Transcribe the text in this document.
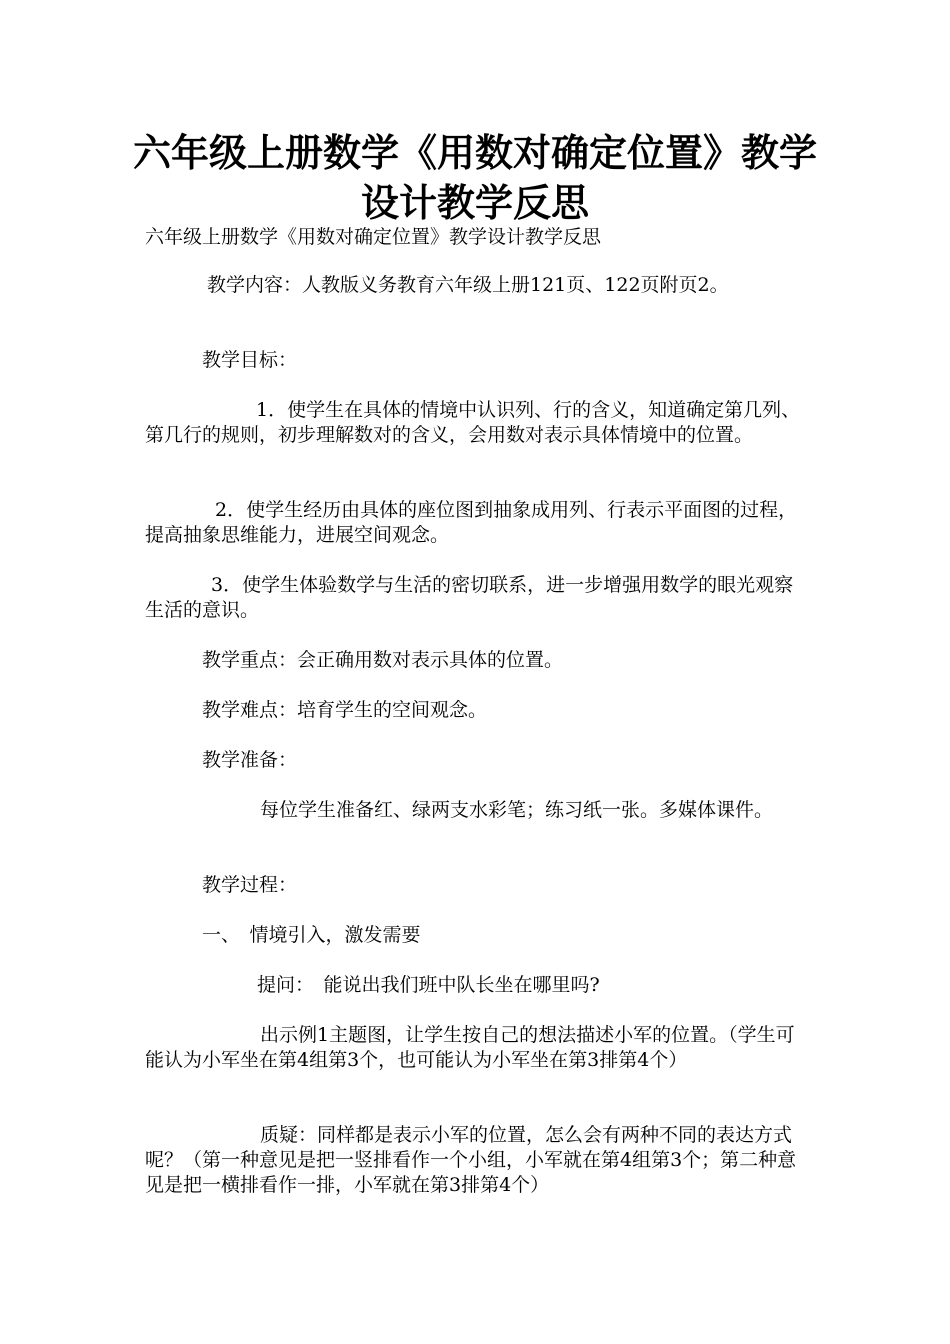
六年级上册数学《用数对确定位置》教学设计教学反思

六年级上册数学《用数对确定位置》教学设计教学反思

教学内容：人教版义务教育六年级上册121页、122页附页2。

教学目标：

1．使学生在具体的情境中认识列、行的含义，知道确定第几列、第几行的规则，初步理解数对的含义，会用数对表示具体情境中的位置。

2．使学生经历由具体的座位图到抽象成用列、行表示平面图的过程，提高抽象思维能力，进展空间观念。

3．使学生体验数学与生活的密切联系，进一步增强用数学的眼光观察生活的意识。

教学重点：会正确用数对表示具体的位置。

教学难点：培育学生的空间观念。

教学准备：

每位学生准备红、绿两支水彩笔；练习纸一张。多媒体课件。

教学过程：

一、　情境引入，激发需要

提问：　能说出我们班中队长坐在哪里吗?

出示例1主题图，让学生按自己的想法描述小军的位置。（学生可能认为小军坐在第4组第3个，也可能认为小军坐在第3排第4个）

质疑：同样都是表示小军的位置，怎么会有两种不同的表达方式呢？（第一种意见是把一竖排看作一个小组，小军就在第4组第3个；第二种意见是把一横排看作一排，小军就在第3排第4个）
